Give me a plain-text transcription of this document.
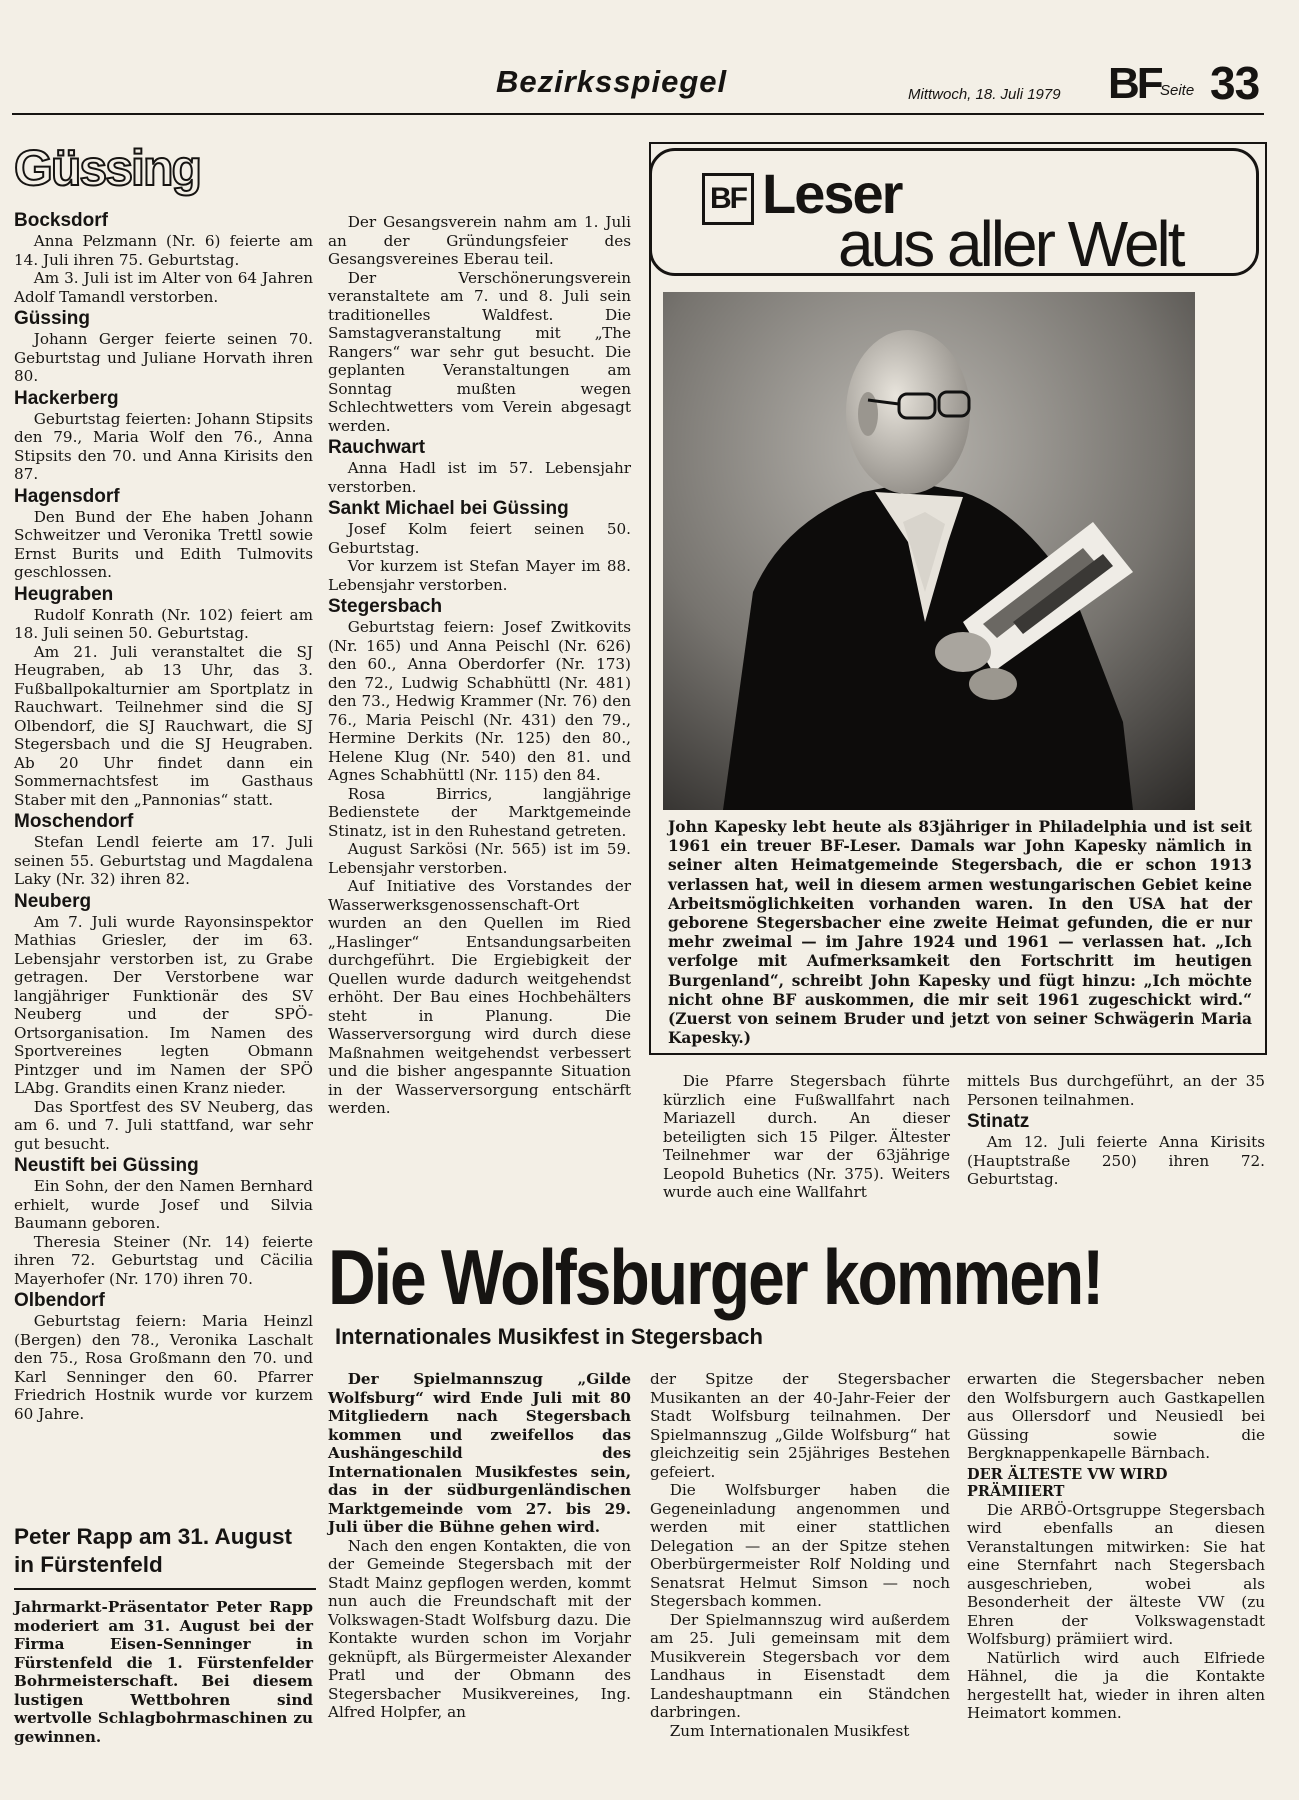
Bezirksspiegel	Mittwoch, 18. Juli 1979 BF Seite 33
Güssing
Bocksdorf

Anna Pelzmann (Nr. 6) feierte am 14. Juli ihren 75. Geburtstag.

Am 3. Juli ist im Alter von 64 Jahren Adolf Tamandl verstorben.

Güssing

Johann Gerger feierte seinen 70. Geburtstag und Juliane Horvath ihren 80.

Hackerberg

Geburtstag feierten: Johann Stipsits den 79., Maria Wolf den 76., Anna Stipsits den 70. und Anna Kirisits den 87.

Hagensdorf

Den Bund der Ehe haben Johann Schweitzer und Veronika Trettl sowie Ernst Burits und Edith Tulmovits geschlossen.

Heugraben

Rudolf Konrath (Nr. 102) feiert am 18. Juli seinen 50. Geburtstag.

Am 21. Juli veranstaltet die SJ Heugraben, ab 13 Uhr, das 3. Fußballpokalturnier am Sportplatz in Rauchwart. Teilnehmer sind die SJ Olbendorf, die SJ Rauchwart, die SJ Stegersbach und die SJ Heugraben. Ab 20 Uhr findet dann ein Sommernachtsfest im Gasthaus Staber mit den „Pannonias“ statt.

Moschendorf

Stefan Lendl feierte am 17. Juli seinen 55. Geburtstag und Magdalena Laky (Nr. 32) ihren 82.

Neuberg

Am 7. Juli wurde Rayonsinspektor Mathias Griesler, der im 63. Lebensjahr verstorben ist, zu Grabe getragen. Der Verstorbene war langjähriger Funktionär des SV Neuberg und der SPÖ-Ortsorganisation. Im Namen des Sportvereines legten Obmann Pintzger und im Namen der SPÖ LAbg. Grandits einen Kranz nieder.

Das Sportfest des SV Neuberg, das am 6. und 7. Juli stattfand, war sehr gut besucht.

Neustift bei Güssing

Ein Sohn, der den Namen Bernhard erhielt, wurde Josef und Silvia Baumann geboren.

Theresia Steiner (Nr. 14) feierte ihren 72. Geburtstag und Cäcilia Mayerhofer (Nr. 170) ihren 70.

Olbendorf

Geburtstag feiern: Maria Heinzl (Bergen) den 78., Veronika Laschalt den 75., Rosa Großmann den 70. und Karl Senninger den 60. Pfarrer Friedrich Hostnik wurde vor kurzem 60 Jahre.

Peter Rapp am 31. August in Fürstenfeld

Jahrmarkt-Präsentator Peter Rapp moderiert am 31. August bei der Firma Eisen-Senninger in Fürstenfeld die 1. Fürstenfelder Bohrmeisterschaft. Bei diesem lustigen Wettbohren sind wertvolle Schlagbohrmaschinen zu gewinnen.

Der Gesangsverein nahm am 1. Juli an der Gründungsfeier des Gesangsvereines Eberau teil.

Der Verschönerungsverein veranstaltete am 7. und 8. Juli sein traditionelles Waldfest. Die Samstagveranstaltung mit „The Rangers“ war sehr gut besucht. Die geplanten Veranstaltungen am Sonntag mußten wegen Schlechtwetters vom Verein abgesagt werden.

Rauchwart

Anna Hadl ist im 57. Lebensjahr verstorben.

Sankt Michael bei Güssing

Josef Kolm feiert seinen 50. Geburtstag.

Vor kurzem ist Stefan Mayer im 88. Lebensjahr verstorben.

Stegersbach

Geburtstag feiern: Josef Zwitkovits (Nr. 165) und Anna Peischl (Nr. 626) den 60., Anna Oberdorfer (Nr. 173) den 72., Ludwig Schabhüttl (Nr. 481) den 73., Hedwig Krammer (Nr. 76) den 76., Maria Peischl (Nr. 431) den 79., Hermine Derkits (Nr. 125) den 80., Helene Klug (Nr. 540) den 81. und Agnes Schabhüttl (Nr. 115) den 84.

Rosa Birrics, langjährige Bedienstete der Marktgemeinde Stinatz, ist in den Ruhestand getreten.

August Sarkösi (Nr. 565) ist im 59. Lebensjahr verstorben.

Auf Initiative des Vorstandes der Wasserwerksgenossenschaft-Ort wurden an den Quellen im Ried „Haslinger“ Entsandungsarbeiten durchgeführt. Die Ergiebigkeit der Quellen wurde dadurch weitgehendst erhöht. Der Bau eines Hochbehälters steht in Planung. Die Wasserversorgung wird durch diese Maßnahmen weitgehendst verbessert und die bisher angespannte Situation in der Wasserversorgung entschärft werden.

BF Leser
aus aller Welt

John Kapesky lebt heute als 83jähriger in Philadelphia und ist seit 1961 ein treuer BF-Leser. Damals war John Kapesky nämlich in seiner alten Heimatgemeinde Stegersbach, die er schon 1913 verlassen hat, weil in diesem armen westungarischen Gebiet keine Arbeitsmöglichkeiten vorhanden waren. In den USA hat der geborene Stegersbacher eine zweite Heimat gefunden, die er nur mehr zweimal — im Jahre 1924 und 1961 — verlassen hat. „Ich verfolge mit Aufmerksamkeit den Fortschritt im heutigen Burgenland“, schreibt John Kapesky und fügt hinzu: „Ich möchte nicht ohne BF auskommen, die mir seit 1961 zugeschickt wird.“ (Zuerst von seinem Bruder und jetzt von seiner Schwägerin Maria Kapesky.)

Die Pfarre Stegersbach führte kürzlich eine Fußwallfahrt nach Mariazell durch. An dieser beteiligten sich 15 Pilger. Ältester Teilnehmer war der 63jährige Leopold Buhetics (Nr. 375). Weiters wurde auch eine Wallfahrt

mittels Bus durchgeführt, an der 35 Personen teilnahmen.

Stinatz

Am 12. Juli feierte Anna Kirisits (Hauptstraße 250) ihren 72. Geburtstag.

Die Wolfsburger kommen!
Internationales Musikfest in Stegersbach

Der Spielmannszug „Gilde Wolfsburg“ wird Ende Juli mit 80 Mitgliedern nach Stegersbach kommen und zweifellos das Aushängeschild des Internationalen Musikfestes sein, das in der südburgenländischen Marktgemeinde vom 27. bis 29. Juli über die Bühne gehen wird.

Nach den engen Kontakten, die von der Gemeinde Stegersbach mit der Stadt Mainz gepflogen werden, kommt nun auch die Freundschaft mit der Volkswagen-Stadt Wolfsburg dazu. Die Kontakte wurden schon im Vorjahr geknüpft, als Bürgermeister Alexander Pratl und der Obmann des Stegersbacher Musikvereines, Ing. Alfred Holpfer, an

der Spitze der Stegersbacher Musikanten an der 40-Jahr-Feier der Stadt Wolfsburg teilnahmen. Der Spielmannszug „Gilde Wolfsburg“ hat gleichzeitig sein 25jähriges Bestehen gefeiert.

Die Wolfsburger haben die Gegeneinladung angenommen und werden mit einer stattlichen Delegation — an der Spitze stehen Oberbürgermeister Rolf Nolding und Senatsrat Helmut Simson — noch Stegersbach kommen.

Der Spielmannszug wird außerdem am 25. Juli gemeinsam mit dem Musikverein Stegersbach vor dem Landhaus in Eisenstadt dem Landeshauptmann ein Ständchen darbringen.

Zum Internationalen Musikfest

erwarten die Stegersbacher neben den Wolfsburgern auch Gastkapellen aus Ollersdorf und Neusiedl bei Güssing sowie die Bergknappenkapelle Bärnbach.

DER ÄLTESTE VW WIRD PRÄMIIERT

Die ARBÖ-Ortsgruppe Stegersbach wird ebenfalls an diesen Veranstaltungen mitwirken: Sie hat eine Sternfahrt nach Stegersbach ausgeschrieben, wobei als Besonderheit der älteste VW (zu Ehren der Volkswagenstadt Wolfsburg) prämiiert wird.

Natürlich wird auch Elfriede Hähnel, die ja die Kontakte hergestellt hat, wieder in ihren alten Heimatort kommen.
